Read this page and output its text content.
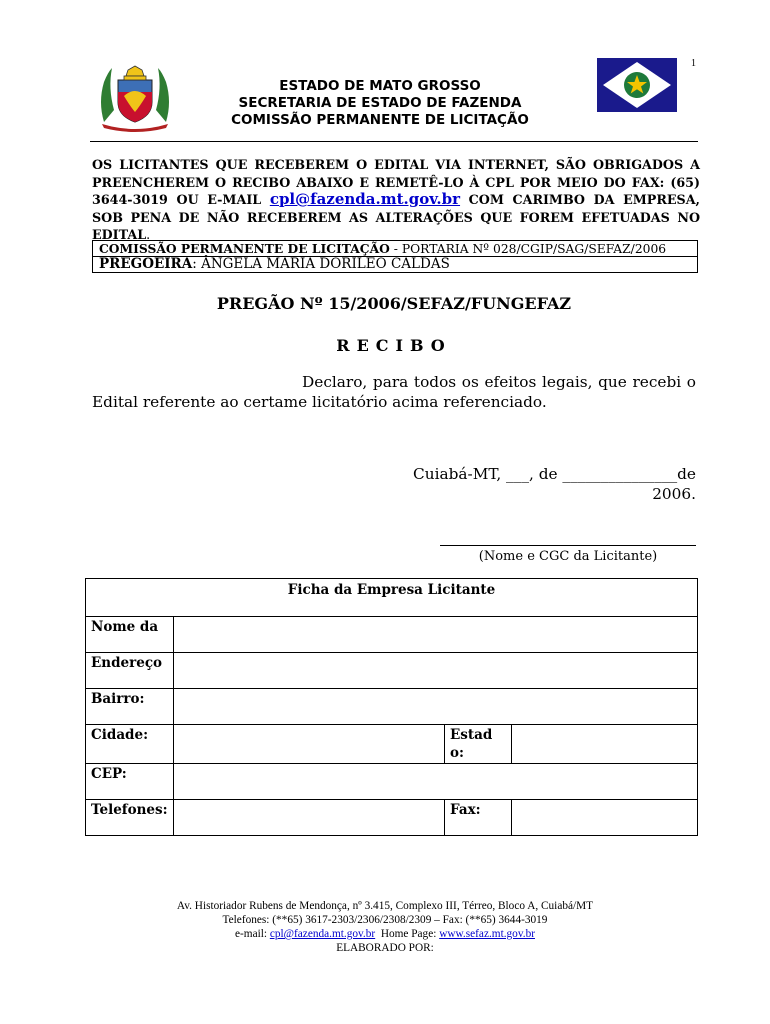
1
ESTADO DE MATO GROSSO
SECRETARIA DE ESTADO DE FAZENDA
COMISSÃO PERMANENTE DE LICITAÇÃO
OS LICITANTES QUE RECEBEREM O EDITAL VIA INTERNET, SÃO OBRIGADOS A PREENCHEREM O RECIBO ABAIXO E REMETÊ-LO À CPL POR MEIO DO FAX: (65) 3644-3019 OU E-MAIL cpl@fazenda.mt.gov.br COM CARIMBO DA EMPRESA, SOB PENA DE NÃO RECEBEREM AS ALTERAÇÕES QUE FOREM EFETUADAS NO EDITAL.
COMISSÃO PERMANENTE DE LICITAÇÃO - PORTARIA Nº 028/CGIP/SAG/SEFAZ/2006
PREGOEIRA: ÂNGELA MARIA DORILEO CALDAS
PREGÃO Nº 15/2006/SEFAZ/FUNGEFAZ
RECIBO
Declaro, para todos os efeitos legais, que recebi o Edital referente ao certame licitatório acima referenciado.
Cuiabá-MT, ___, de _______________de
2006.
(Nome e CGC da Licitante)
Ficha da Empresa Licitante			
Nome da			
Endereço			
Bairro:			
Cidade:		Estado:	
CEP:			
Telefones:		Fax:	
Av. Historiador Rubens de Mendonça, nº 3.415, Complexo III, Térreo, Bloco A, Cuiabá/MT
Telefones: (**65) 3617-2303/2306/2308/2309 – Fax: (**65) 3644-3019
e-mail: cpl@fazenda.mt.gov.br  Home Page: www.sefaz.mt.gov.br
ELABORADO POR:
